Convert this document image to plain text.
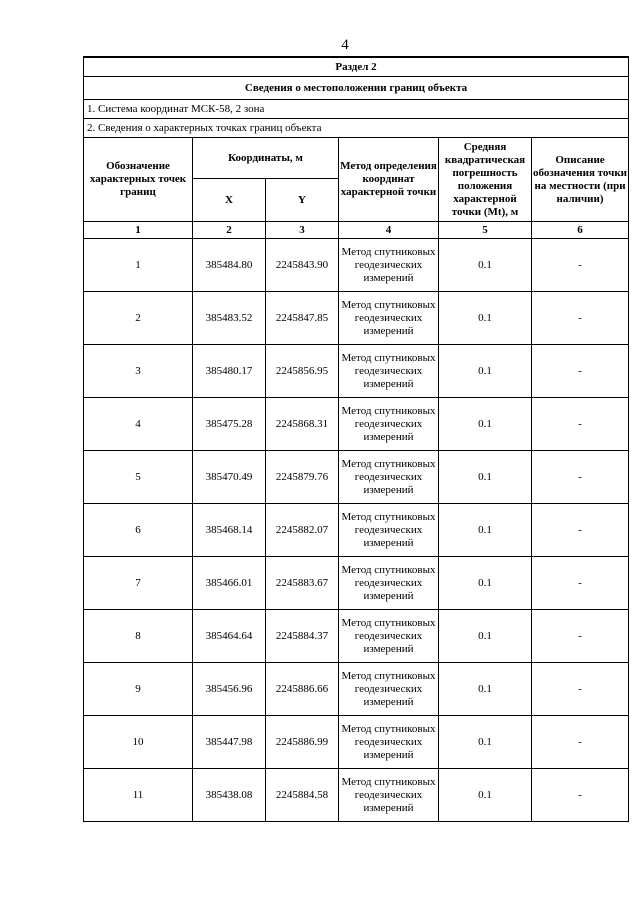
4
Раздел 2					
Сведения о местоположении границ объекта					
1. Система координат МСК-58, 2 зона					
2. Сведения о характерных точках границ объекта					
Обозначение характерных точек границ	Координаты, м		Метод определения координат характерной точки	Средняя квадратическая погрешность положения характерной точки (Mt), м	Описание обозначения точки на местности (при наличии)
	X	Y			
1	2	3	4	5	6
1	385484.80	2245843.90	Метод спутниковых геодезических измерений	0.1	-
2	385483.52	2245847.85	Метод спутниковых геодезических измерений	0.1	-
3	385480.17	2245856.95	Метод спутниковых геодезических измерений	0.1	-
4	385475.28	2245868.31	Метод спутниковых геодезических измерений	0.1	-
5	385470.49	2245879.76	Метод спутниковых геодезических измерений	0.1	-
6	385468.14	2245882.07	Метод спутниковых геодезических измерений	0.1	-
7	385466.01	2245883.67	Метод спутниковых геодезических измерений	0.1	-
8	385464.64	2245884.37	Метод спутниковых геодезических измерений	0.1	-
9	385456.96	2245886.66	Метод спутниковых геодезических измерений	0.1	-
10	385447.98	2245886.99	Метод спутниковых геодезических измерений	0.1	-
11	385438.08	2245884.58	Метод спутниковых геодезических измерений	0.1	-
